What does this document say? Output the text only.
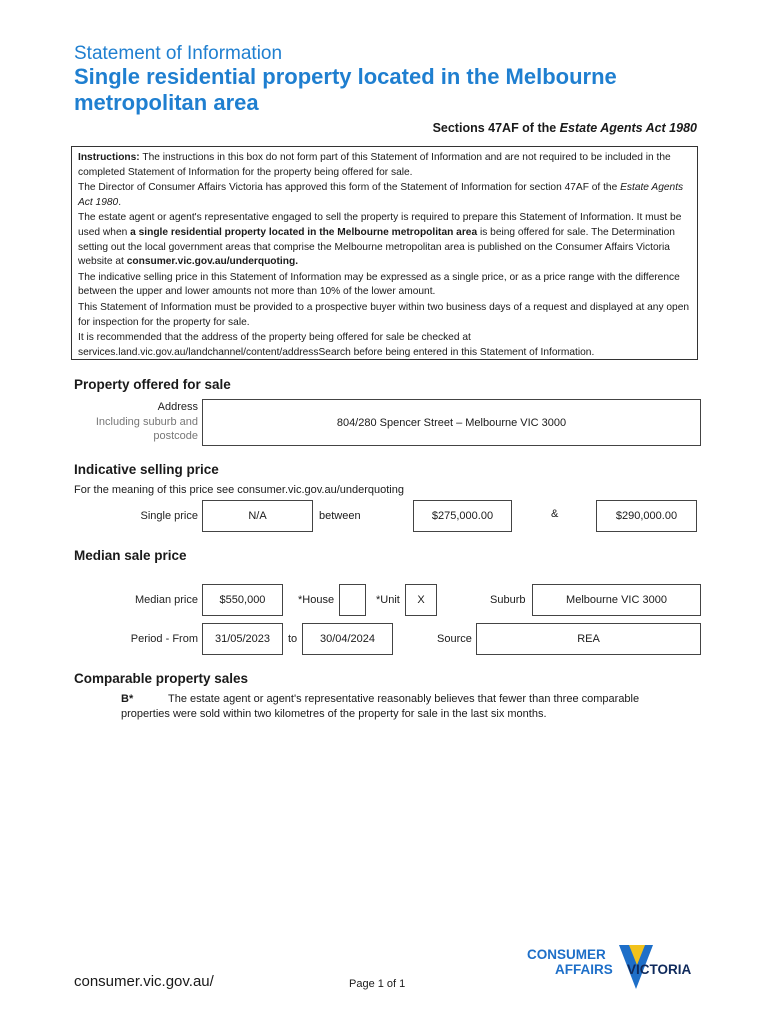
Statement of Information
Single residential property located in the Melbourne metropolitan area
Sections 47AF of the Estate Agents Act 1980

Instructions: The instructions in this box do not form part of this Statement of Information and are not required to be included in the completed Statement of Information for the property being offered for sale.

The Director of Consumer Affairs Victoria has approved this form of the Statement of Information for section 47AF of the Estate Agents Act 1980.

The estate agent or agent's representative engaged to sell the property is required to prepare this Statement of Information. It must be used when a single residential property located in the Melbourne metropolitan area is being offered for sale. The Determination setting out the local government areas that comprise the Melbourne metropolitan area is published on the Consumer Affairs Victoria website at consumer.vic.gov.au/underquoting.

The indicative selling price in this Statement of Information may be expressed as a single price, or as a price range with the difference between the upper and lower amounts not more than 10% of the lower amount.

This Statement of Information must be provided to a prospective buyer within two business days of a request and displayed at any open for inspection for the property for sale.

It is recommended that the address of the property being offered for sale be checked at services.land.vic.gov.au/landchannel/content/addressSearch before being entered in this Statement of Information.

Property offered for sale
Address
Including suburb and
postcode
804/280 Spencer Street – Melbourne VIC 3000
Indicative selling price
For the meaning of this price see consumer.vic.gov.au/underquoting
Single price	N/A	between	$275,000.00	&	$290,000.00
Median sale price
Median price	$550,000	*House	*Unit	X	Suburb	Melbourne VIC 3000
Period - From	31/05/2023	to	30/04/2024	Source	REA
Comparable property sales
B*	The estate agent or agent's representative reasonably believes that fewer than three comparable
properties were sold within two kilometres of the property for sale in the last six months.
consumer.vic.gov.au/	Page 1 of 1
CONSUMER
AFFAIRS VICTORIA
